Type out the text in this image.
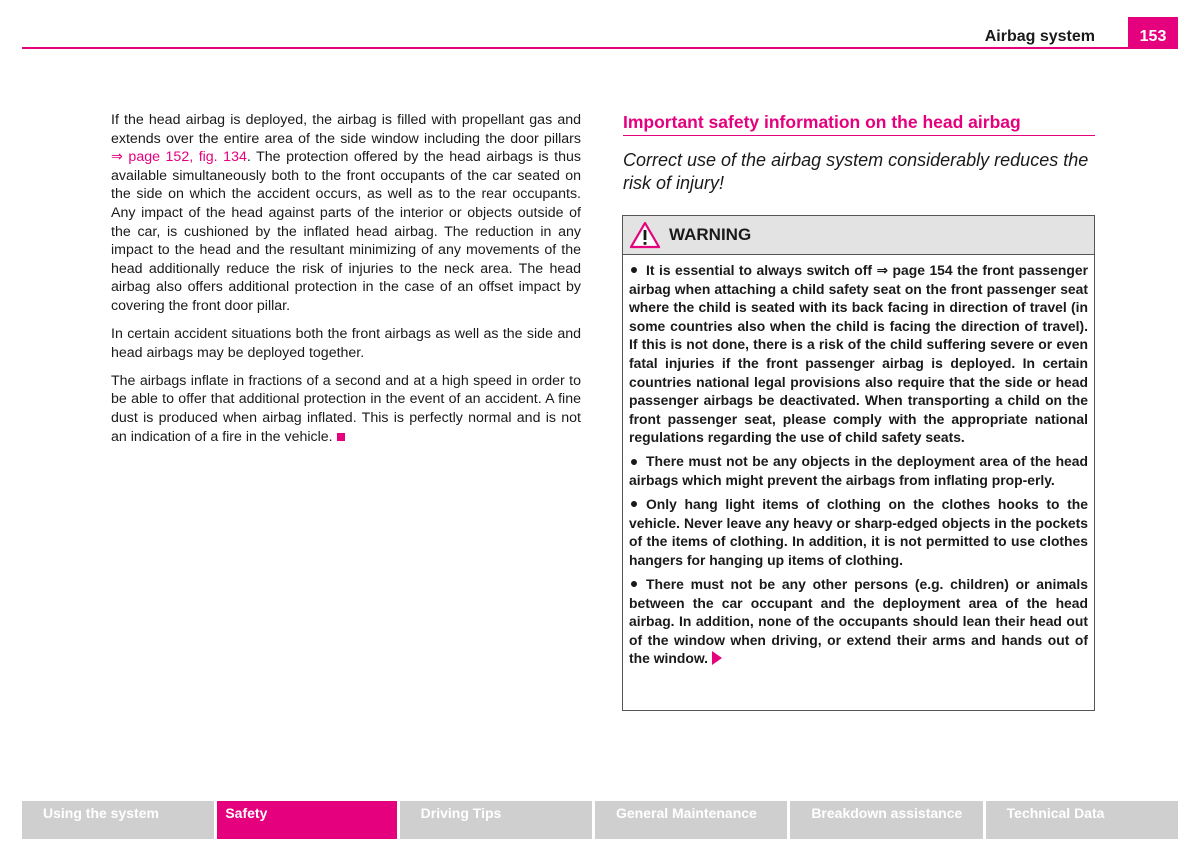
Airbag system	153

If the head airbag is deployed, the airbag is filled with propellant gas and extends over the entire area of the side window including the door pillars ⇒ page 152, fig. 134. The protection offered by the head airbags is thus available simultaneously both to the front occupants of the car seated on the side on which the accident occurs, as well as to the rear occupants. Any impact of the head against parts of the interior or objects outside of the car, is cushioned by the inflated head airbag. The reduction in any impact to the head and the resultant minimizing of any movements of the head additionally reduce the risk of injuries to the neck area. The head airbag also offers additional protection in the case of an offset impact by covering the front door pillar.

In certain accident situations both the front airbags as well as the side and head airbags may be deployed together.

The airbags inflate in fractions of a second and at a high speed in order to be able to offer that additional protection in the event of an accident. A fine dust is produced when airbag inflated. This is perfectly normal and is not an indication of a fire in the vehicle.

Important safety information on the head airbag

Correct use of the airbag system considerably reduces the risk of injury!

WARNING

It is essential to always switch off ⇒ page 154 the front passenger airbag when attaching a child safety seat on the front passenger seat where the child is seated with its back facing in direction of travel (in some countries also when the child is facing the direction of travel). If this is not done, there is a risk of the child suffering severe or even fatal injuries if the front passenger airbag is deployed. In certain countries national legal provisions also require that the side or head passenger airbags be deactivated. When transporting a child on the front passenger seat, please comply with the appropriate national regulations regarding the use of child safety seats.

There must not be any objects in the deployment area of the head airbags which might prevent the airbags from inflating prop-erly.

Only hang light items of clothing on the clothes hooks to the vehicle. Never leave any heavy or sharp-edged objects in the pockets of the items of clothing. In addition, it is not permitted to use clothes hangers for hanging up items of clothing.

There must not be any other persons (e.g. children) or animals between the car occupant and the deployment area of the head airbag. In addition, none of the occupants should lean their head out of the window when driving, or extend their arms and hands out of the window.

Using the system	Safety	Driving Tips	General Maintenance	Breakdown assistance	Technical Data
